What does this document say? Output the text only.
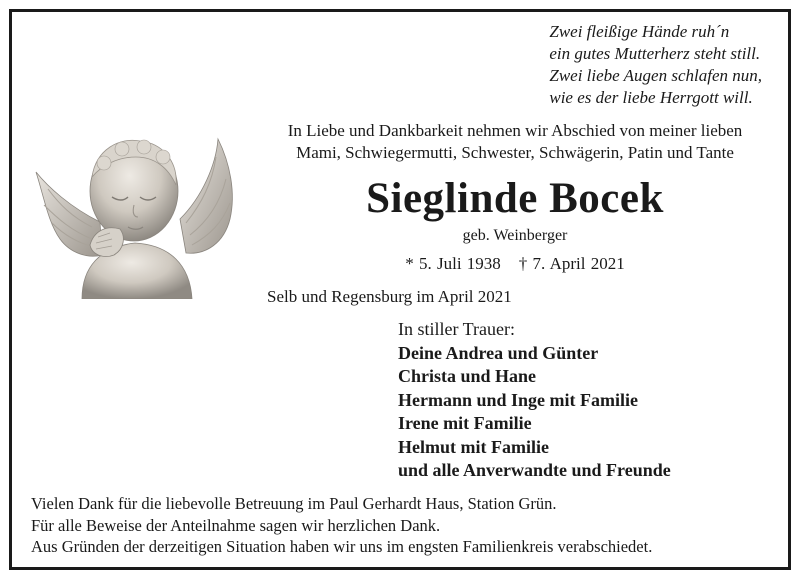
Zwei fleißige Hände ruh´n
ein gutes Mutterherz steht still.
Zwei liebe Augen schlafen nun,
wie es der liebe Herrgott will.
In Liebe und Dankbarkeit nehmen wir Abschied von meiner lieben
Mami, Schwiegermutti, Schwester, Schwägerin, Patin und Tante
Sieglinde Bocek
geb. Weinberger
* 5. Juli 1938 † 7. April 2021
Selb und Regensburg im April 2021
In stiller Trauer:
Deine Andrea und Günter
Christa und Hane
Hermann und Inge mit Familie
Irene mit Familie
Helmut mit Familie
und alle Anverwandte und Freunde
Vielen Dank für die liebevolle Betreuung im Paul Gerhardt Haus, Station Grün.
Für alle Beweise der Anteilnahme sagen wir herzlichen Dank.
Aus Gründen der derzeitigen Situation haben wir uns im engsten Familienkreis verabschiedet.
